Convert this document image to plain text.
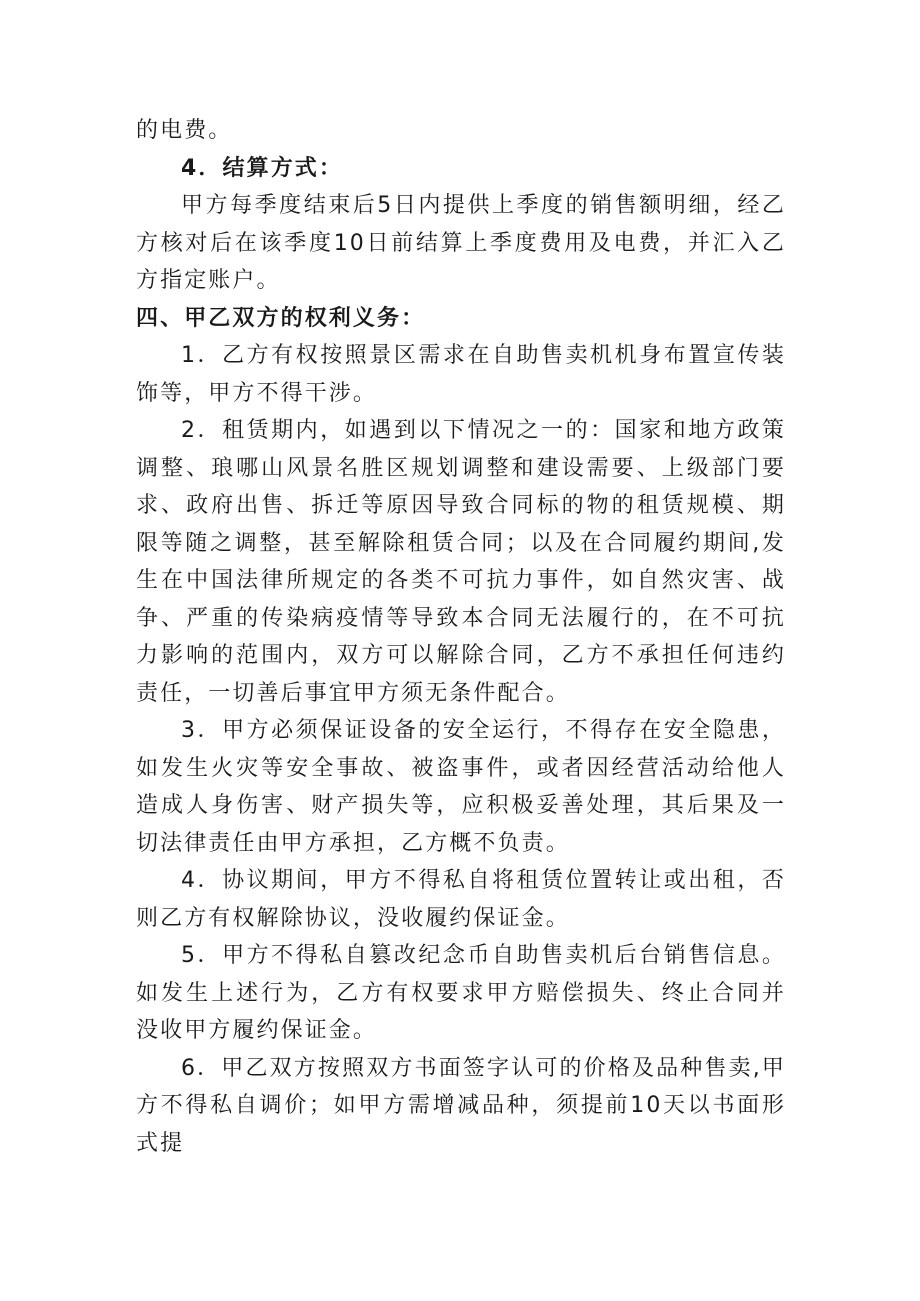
的电费。

4．结算方式：

甲方每季度结束后5日内提供上季度的销售额明细，经乙方核对后在该季度10日前结算上季度费用及电费，并汇入乙方指定账户。

四、甲乙双方的权利义务：

1．乙方有权按照景区需求在自助售卖机机身布置宣传装饰等，甲方不得干涉。

2．租赁期内，如遇到以下情况之一的：国家和地方政策调整、琅哪山风景名胜区规划调整和建设需要、上级部门要求、政府出售、拆迁等原因导致合同标的物的租赁规模、期限等随之调整，甚至解除租赁合同；以及在合同履约期间,发生在中国法律所规定的各类不可抗力事件，如自然灾害、战争、严重的传染病疫情等导致本合同无法履行的，在不可抗力影响的范围内，双方可以解除合同，乙方不承担任何违约责任，一切善后事宜甲方须无条件配合。

3．甲方必须保证设备的安全运行，不得存在安全隐患，如发生火灾等安全事故、被盗事件，或者因经营活动给他人造成人身伤害、财产损失等，应积极妥善处理，其后果及一切法律责任由甲方承担，乙方概不负责。

4．协议期间，甲方不得私自将租赁位置转让或出租，否则乙方有权解除协议，没收履约保证金。

5．甲方不得私自篡改纪念币自助售卖机后台销售信息。如发生上述行为，乙方有权要求甲方赔偿损失、终止合同并没收甲方履约保证金。

6．甲乙双方按照双方书面签字认可的价格及品种售卖,甲方不得私自调价；如甲方需增减品种，须提前10天以书面形式提
